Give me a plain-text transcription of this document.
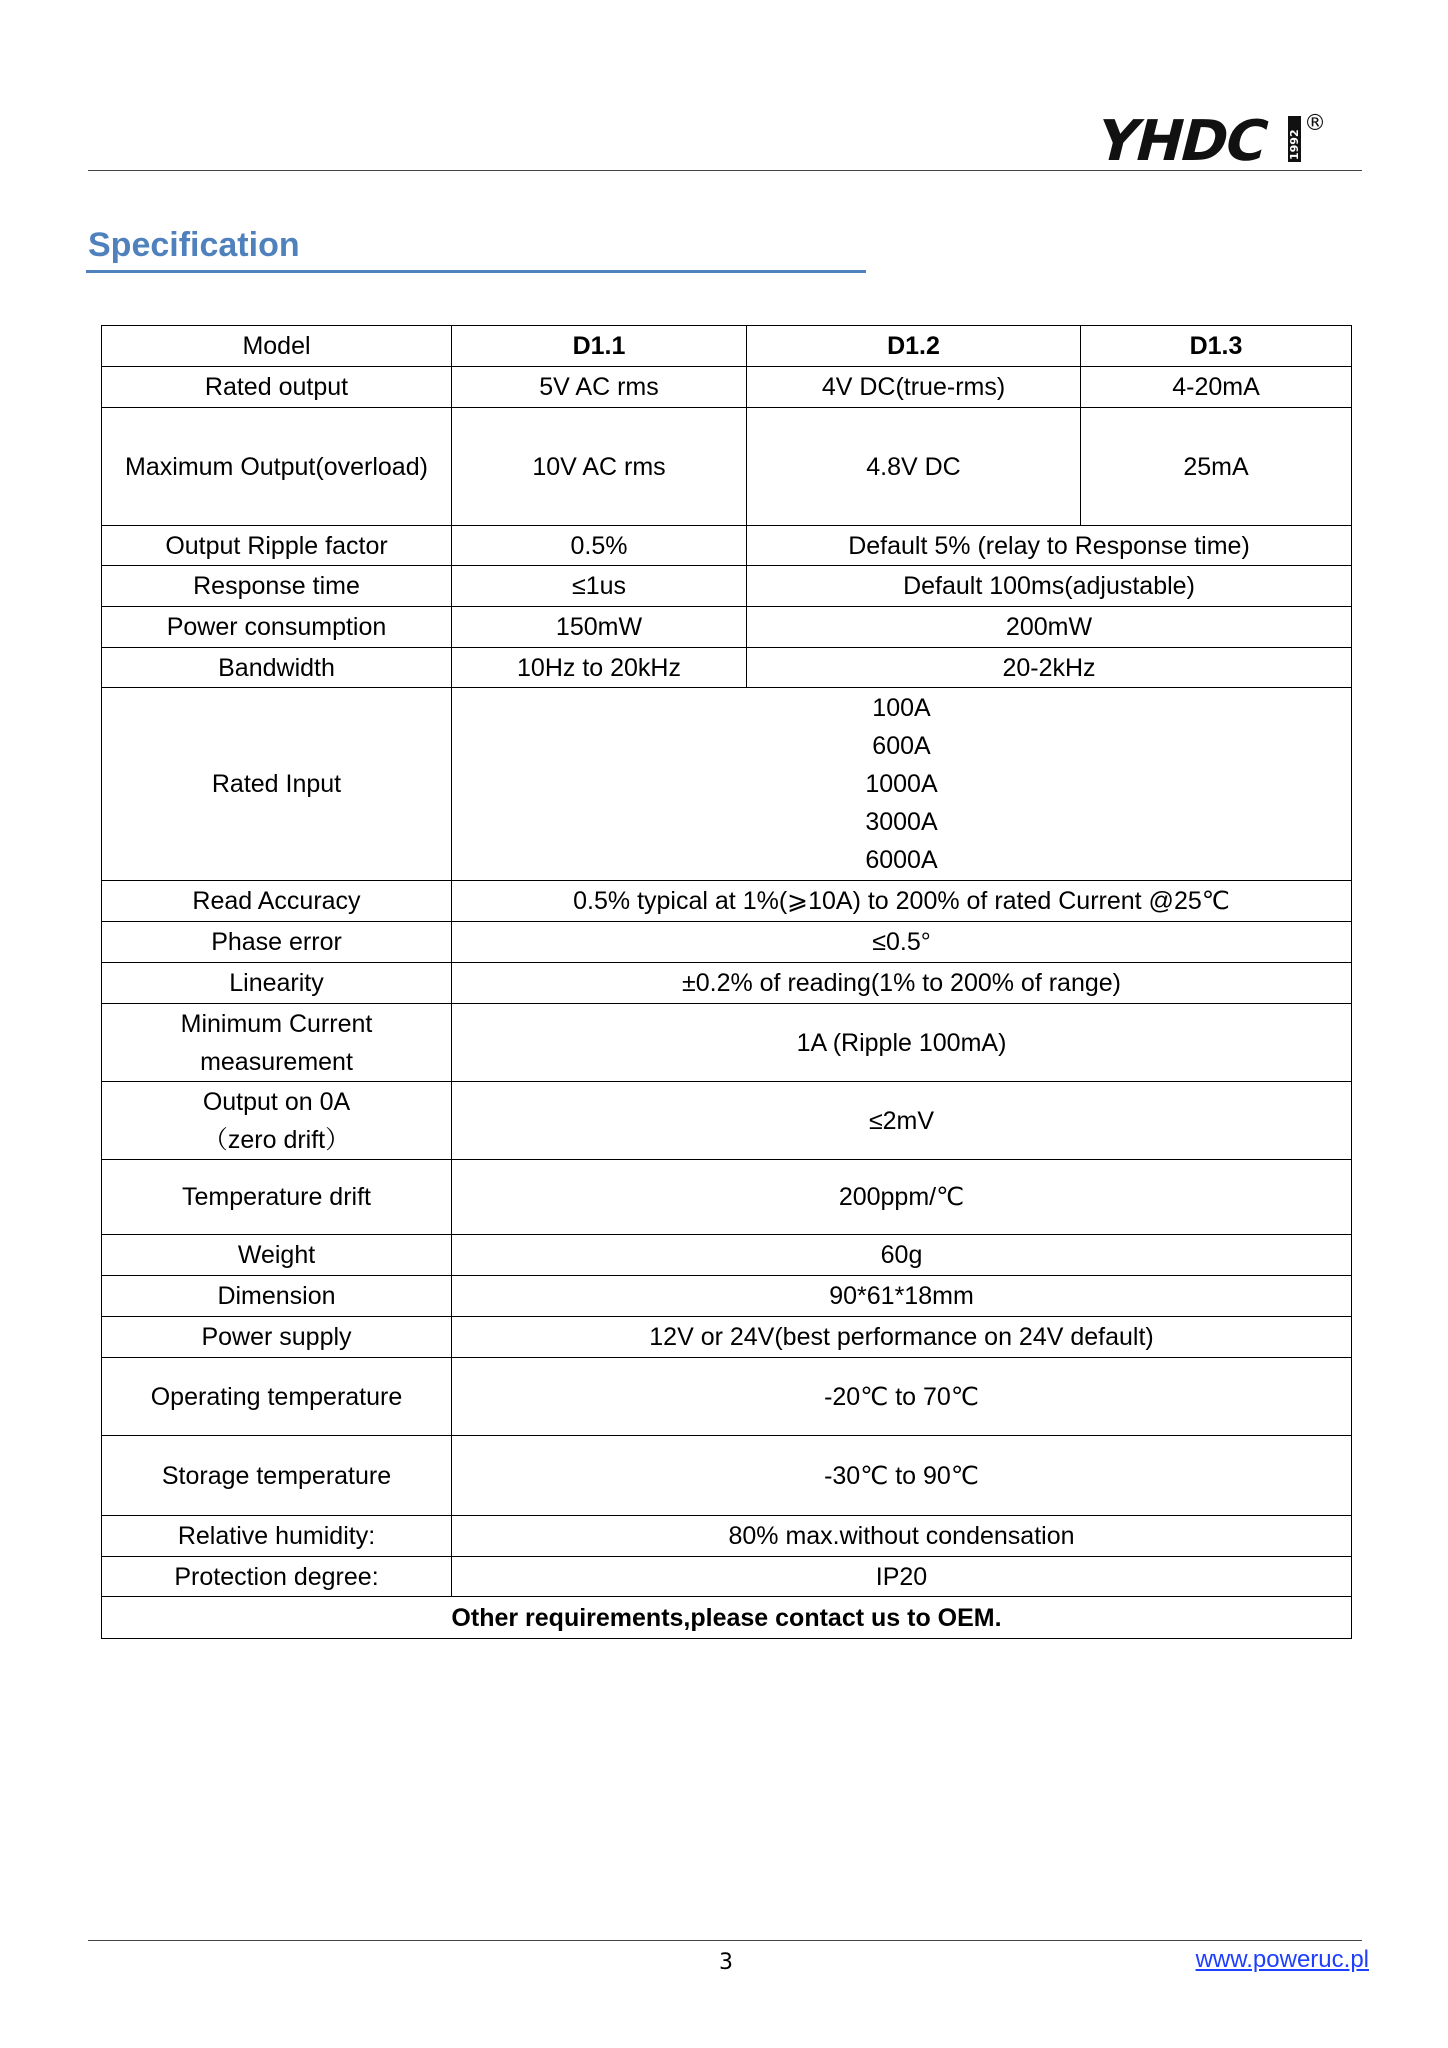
YHDC 1992
®
Specification
Model	D1.1	D1.2	D1.3
Rated output	5V AC rms	4V DC(true-rms)	4-20mA
Maximum Output(overload)	10V AC rms	4.8V DC	25mA
Output Ripple factor	0.5%	Default 5% (relay to Response time)	
Response time	≤1us	Default 100ms(adjustable)	
Power consumption	150mW	200mW	
Bandwidth	10Hz to 20kHz	20-2kHz	
Rated Input	100A
600A
1000A
3000A
6000A		

Read Accuracy	0.5% typical at 1%(⩾10A) to 200% of rated Current @25℃		
Phase error	≤0.5°		
Linearity	±0.2% of reading(1% to 200% of range)		

Minimum Current
measurement	1A (Ripple 100mA)		

Output on 0A
（zero drift）	≤2mV		
Temperature drift	200ppm/℃		
Weight	60g		
Dimension	90*61*18mm		
Power supply	12V or 24V(best performance on 24V default)		
Operating temperature	-20℃ to 70℃		
Storage temperature	-30℃ to 90℃		
Relative humidity:	80% max.without condensation		
Protection degree:	IP20		
Other requirements,please contact us to OEM.			
3	www.poweruc.pl
